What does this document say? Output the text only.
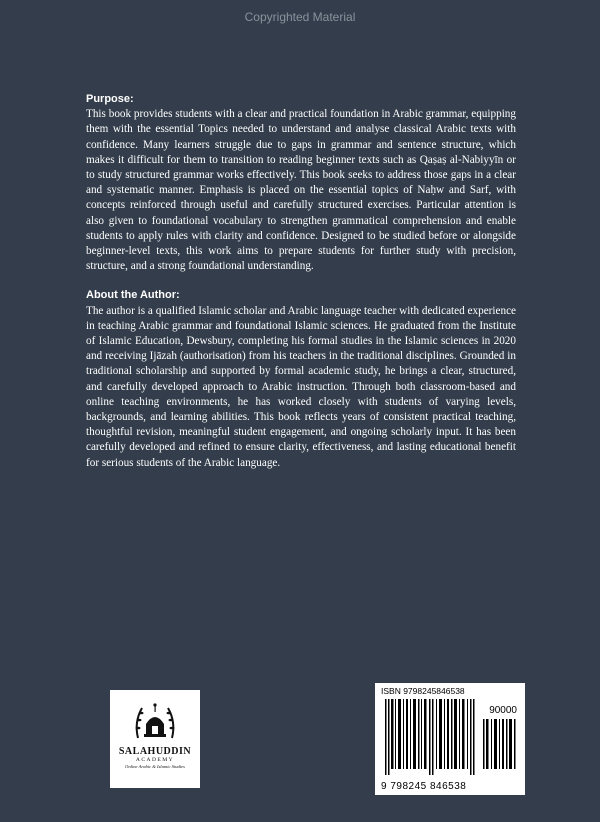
Copyrighted Material
Purpose:

This book provides students with a clear and practical foundation in Arabic grammar, equipping them with the essential Topics needed to understand and analyse classical Arabic texts with confidence. Many learners struggle due to gaps in grammar and sentence structure, which makes it difficult for them to transition to reading beginner texts such as Qaṣaṣ al-Nabiyyīn or to study structured grammar works effectively. This book seeks to address those gaps in a clear and systematic manner. Emphasis is placed on the essential topics of Naḥw and Sarf, with concepts reinforced through useful and carefully structured exercises. Particular attention is also given to foundational vocabulary to strengthen grammatical comprehension and enable students to apply rules with clarity and confidence. Designed to be studied before or alongside beginner-level texts, this work aims to prepare students for further study with precision, structure, and a strong foundational understanding.

About the Author:

The author is a qualified Islamic scholar and Arabic language teacher with dedicated experience in teaching Arabic grammar and foundational Islamic sciences. He graduated from the Institute of Islamic Education, Dewsbury, completing his formal studies in the Islamic sciences in 2020 and receiving Ijāzah (authorisation) from his teachers in the traditional disciplines. Grounded in traditional scholarship and supported by formal academic study, he brings a clear, structured, and carefully developed approach to Arabic instruction. Through both classroom-based and online teaching environments, he has worked closely with students of varying levels, backgrounds, and learning abilities. This book reflects years of consistent practical teaching, thoughtful revision, meaningful student engagement, and ongoing scholarly input. It has been carefully developed and refined to ensure clarity, effectiveness, and lasting educational benefit for serious students of the Arabic language.

SALAHUDDIN
ACADEMY
Online Arabic & Islamic Studies
ISBN 9798245846538
90000
9 798245 846538
